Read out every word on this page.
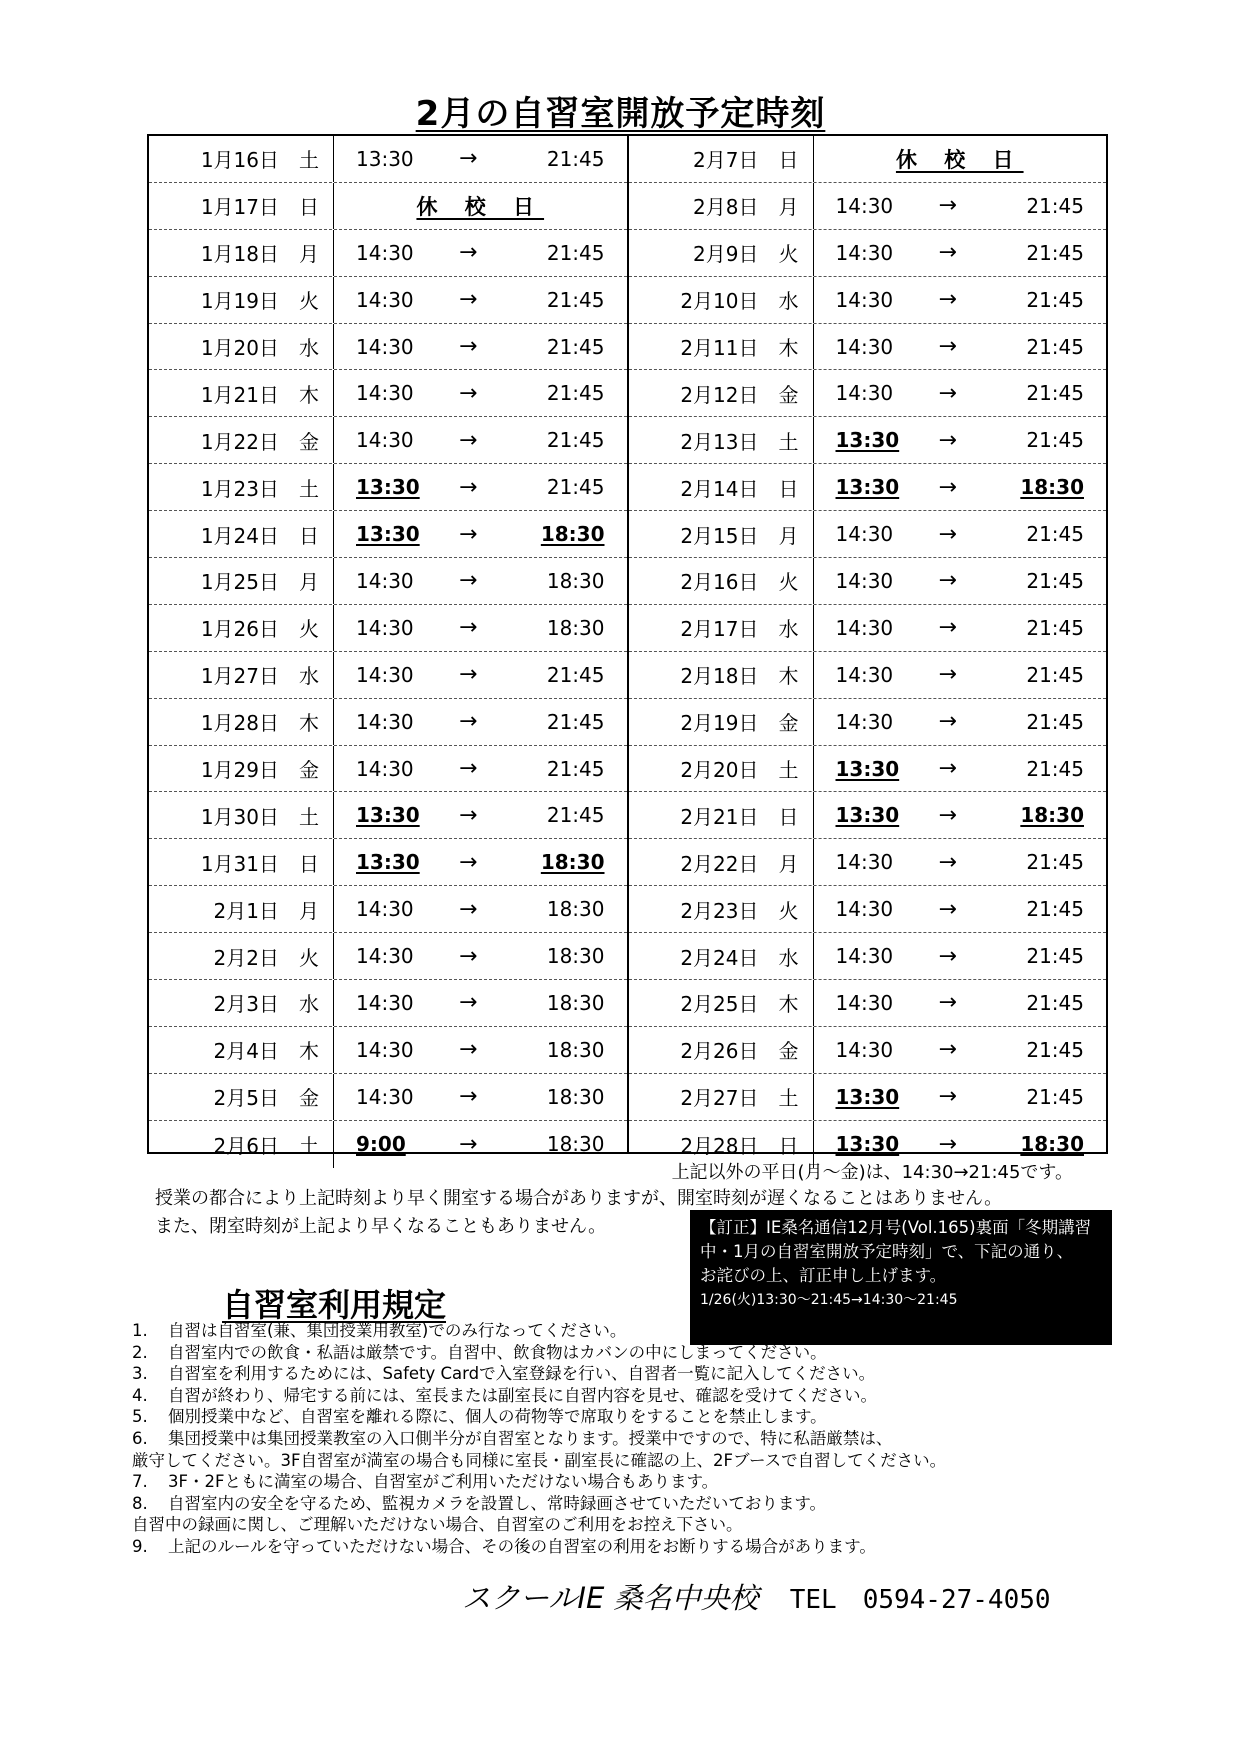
2月の自習室開放予定時刻
1月16日 土 13:30 →	21:45
1月17日 日	休 校 日
1月18日 月 14:30 →	21:45
1月19日 火 14:30 →	21:45
1月20日 水 14:30 →	21:45
1月21日 木 14:30 →	21:45
1月22日 金 14:30 →	21:45
1月23日 土 13:30 →	21:45
1月24日 日 13:30 →	18:30
1月25日 月 14:30 →	18:30
1月26日 火 14:30 →	18:30
1月27日 水 14:30 →	21:45
1月28日 木 14:30 →	21:45
1月29日 金 14:30 →	21:45
1月30日 土 13:30 →	21:45
1月31日 日 13:30 →	18:30
2月1日 月 14:30 →	18:30
2月2日 火 14:30 →	18:30
2月3日 水 14:30 →	18:30
2月4日 木 14:30 →	18:30
2月5日 金 14:30 →	18:30
2月6日 土 9:00 →	18:30
2月7日 日	休 校 日
2月8日 月 14:30 →	21:45
2月9日 火 14:30 →	21:45
2月10日 水 14:30 →	21:45
2月11日 木 14:30 →	21:45
2月12日 金 14:30 →	21:45
2月13日 土 13:30 →	21:45
2月14日 日 13:30 →	18:30
2月15日 月 14:30 →	21:45
2月16日 火 14:30 →	21:45
2月17日 水 14:30 →	21:45
2月18日 木 14:30 →	21:45
2月19日 金 14:30 →	21:45
2月20日 土 13:30 →	21:45
2月21日 日 13:30 →	18:30
2月22日 月 14:30 →	21:45
2月23日 火 14:30 →	21:45
2月24日 水 14:30 →	21:45
2月25日 木 14:30 →	21:45
2月26日 金 14:30 →	21:45
2月27日 土 13:30 →	21:45
2月28日 日 13:30 →	18:30
上記以外の平日(月～金)は、14:30→21:45です。
授業の都合により上記時刻より早く開室する場合がありますが、開室時刻が遅くなることはありません。
また、閉室時刻が上記より早くなることもありません。	【訂正】IE桑名通信12月号(Vol.165)裏面「冬期講習
中・1月の自習室開放予定時刻」で、下記の通り、
お詫びの上、訂正申し上げます。
1/26(火)13:30～21:45→14:30～21:45
自習室利用規定
1.	自習は自習室(兼、集団授業用教室)でのみ行なってください。
2.	自習室内での飲食・私語は厳禁です。自習中、飲食物はカバンの中にしまってください。
3.	自習室を利用するためには、Safety Cardで入室登録を行い、自習者一覧に記入してください。
4.	自習が終わり、帰宅する前には、室長または副室長に自習内容を見せ、確認を受けてください。
5.	個別授業中など、自習室を離れる際に、個人の荷物等で席取りをすることを禁止します。
6.	集団授業中は集団授業教室の入口側半分が自習室となります。授業中ですので、特に私語厳禁は、
厳守してください。3F自習室が満室の場合も同様に室長・副室長に確認の上、2Fブースで自習してください。
7.	3F・2Fともに満室の場合、自習室がご利用いただけない場合もあります。
8.	自習室内の安全を守るため、監視カメラを設置し、常時録画させていただいております。
自習中の録画に関し、ご理解いただけない場合、自習室のご利用をお控え下さい。
9.	上記のルールを守っていただけない場合、その後の自習室の利用をお断りする場合があります。
スクールIE 桑名中央校 TEL　0594-27-4050
